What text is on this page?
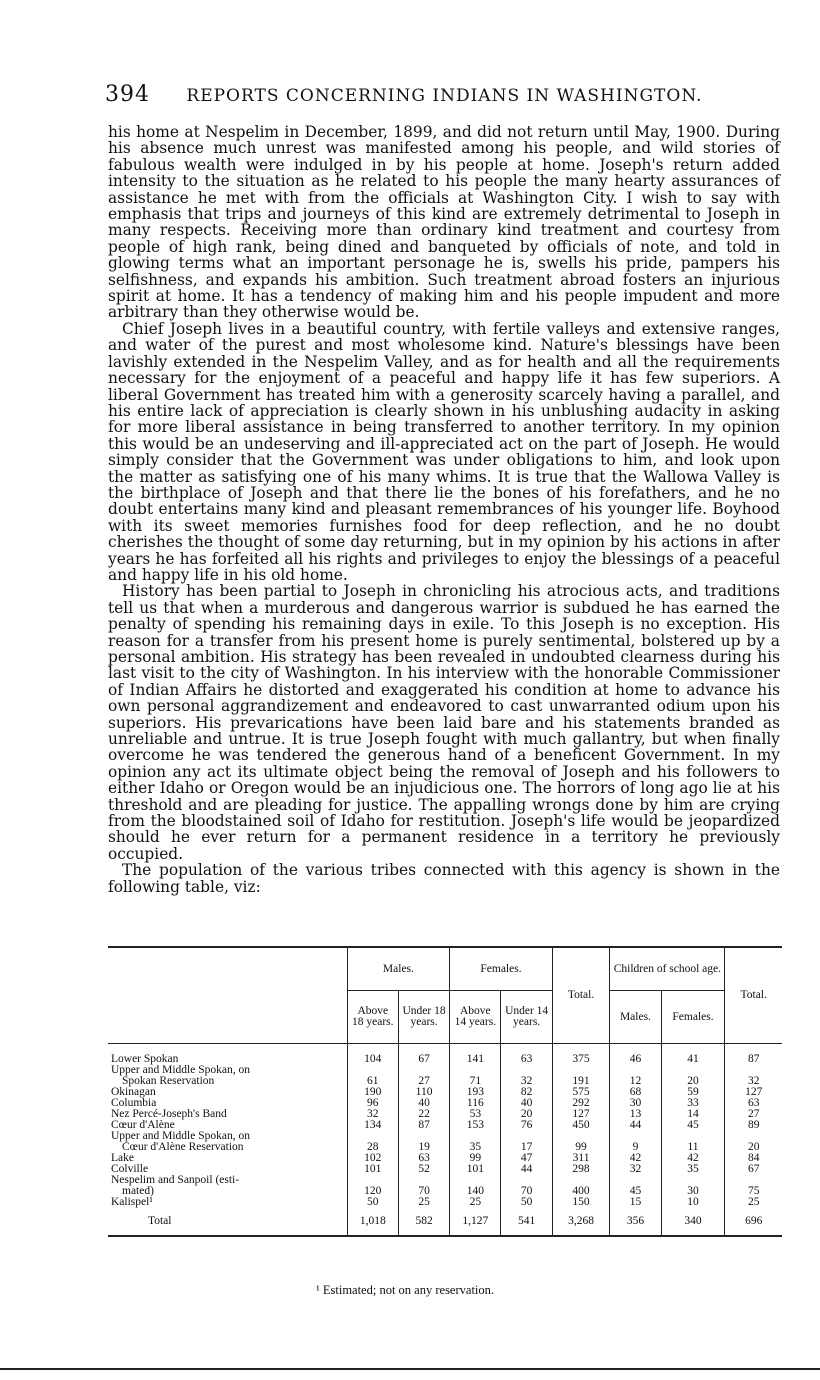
394 REPORTS CONCERNING INDIANS IN WASHINGTON.

his home at Nespelim in December, 1899, and did not return until May, 1900. During his absence much unrest was manifested among his people, and wild stories of fabulous wealth were indulged in by his people at home. Joseph's return added intensity to the situation as he related to his people the many hearty assurances of assistance he met with from the officials at Washington City. I wish to say with emphasis that trips and journeys of this kind are extremely detrimental to Joseph in many respects. Receiving more than ordinary kind treatment and courtesy from people of high rank, being dined and banqueted by officials of note, and told in glowing terms what an important personage he is, swells his pride, pampers his selfishness, and expands his ambition. Such treatment abroad fosters an injurious spirit at home. It has a tendency of making him and his people impudent and more arbitrary than they otherwise would be.

Chief Joseph lives in a beautiful country, with fertile valleys and extensive ranges, and water of the purest and most wholesome kind. Nature's blessings have been lavishly extended in the Nespelim Valley, and as for health and all the requirements necessary for the enjoyment of a peaceful and happy life it has few superiors. A liberal Government has treated him with a generosity scarcely having a parallel, and his entire lack of appreciation is clearly shown in his unblushing audacity in asking for more liberal assistance in being transferred to another territory. In my opinion this would be an undeserving and ill-appreciated act on the part of Joseph. He would simply consider that the Government was under obligations to him, and look upon the matter as satisfying one of his many whims. It is true that the Wallowa Valley is the birthplace of Joseph and that there lie the bones of his forefathers, and he no doubt entertains many kind and pleasant remembrances of his younger life. Boyhood with its sweet memories furnishes food for deep reflection, and he no doubt cherishes the thought of some day returning, but in my opinion by his actions in after years he has forfeited all his rights and privileges to enjoy the blessings of a peaceful and happy life in his old home.

History has been partial to Joseph in chronicling his atrocious acts, and traditions tell us that when a murderous and dangerous warrior is subdued he has earned the penalty of spending his remaining days in exile. To this Joseph is no exception. His reason for a transfer from his present home is purely sentimental, bolstered up by a personal ambition. His strategy has been revealed in undoubted clearness during his last visit to the city of Washington. In his interview with the honorable Commissioner of Indian Affairs he distorted and exaggerated his condition at home to advance his own personal aggrandizement and endeavored to cast unwarranted odium upon his superiors. His prevarications have been laid bare and his statements branded as unreliable and untrue. It is true Joseph fought with much gallantry, but when finally overcome he was tendered the generous hand of a beneficent Government. In my opinion any act its ultimate object being the removal of Joseph and his followers to either Idaho or Oregon would be an injudicious one. The horrors of long ago lie at his threshold and are pleading for justice. The appalling wrongs done by him are crying from the bloodstained soil of Idaho for restitution. Joseph's life would be jeopardized should he ever return for a permanent residence in a territory he previously occupied.

The population of the various tribes connected with this agency is shown in the following table, viz:

	Males.		Females.		Total.	Children of school age.		Total.
	Above 18 years.	Under 18 years.	Above 14 years.	Under 14 years.		Males.	Females.	
Lower Spokan	104	67	141	63	375	46	41	87
Upper and Middle Spokan, on								
Spokan Reservation	61	27	71	32	191	12	20	32
Okinagan	190	110	193	82	575	68	59	127
Columbia	96	40	116	40	292	30	33	63
Nez Percé-Joseph's Band	32	22	53	20	127	13	14	27
Cœur d'Alène	134	87	153	76	450	44	45	89
Upper and Middle Spokan, on								
Cœur d'Alène Reservation	28	19	35	17	99	9	11	20
Lake	102	63	99	47	311	42	42	84
Colville	101	52	101	44	298	32	35	67
Nespelim and Sanpoil (esti-								
mated)	120	70	140	70	400	45	30	75
Kalispel¹	50	25	25	50	150	15	10	25
Total	1,018	582	1,127	541	3,268	356	340	696
¹ Estimated; not on any reservation.
